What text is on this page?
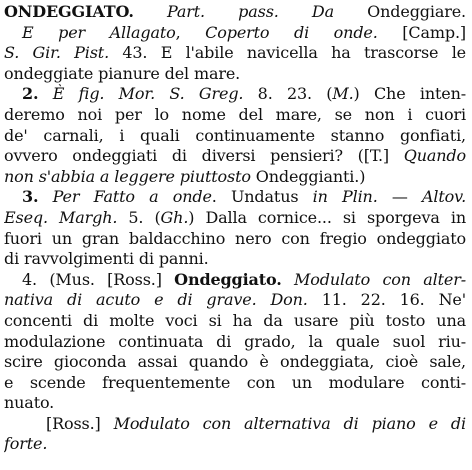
ONDEGGIATO. Part. pass. Da Ondeggiare.
E per Allagato, Coperto di onde. [Camp.]
S. Gir. Pist. 43. E l'abile navicella ha trascorse le
ondeggiate pianure del mare.
2. È fig. Mor. S. Greg. 8. 23. (M.) Che inten-
deremo noi per lo nome del mare, se non i cuori
de' carnali, i quali continuamente stanno gonfiati,
ovvero ondeggiati di diversi pensieri? ([T.] Quando
non s'abbia a leggere piuttosto Ondeggianti.)
3. Per Fatto a onde. Undatus in Plin. — Altov.
Eseq. Margh. 5. (Gh.) Dalla cornice... si sporgeva in
fuori un gran baldacchino nero con fregio ondeggiato
di ravvolgimenti di panni.
4. (Mus. [Ross.] Ondeggiato. Modulato con alter-
nativa di acuto e di grave. Don. 11. 22. 16. Ne'
concenti di molte voci si ha da usare più tosto una
modulazione continuata di grado, la quale suol riu-
scire gioconda assai quando è ondeggiata, cioè sale,
e scende frequentemente con un modulare conti-
nuato.
[Ross.] Modulato con alternativa di piano e di
forte.
